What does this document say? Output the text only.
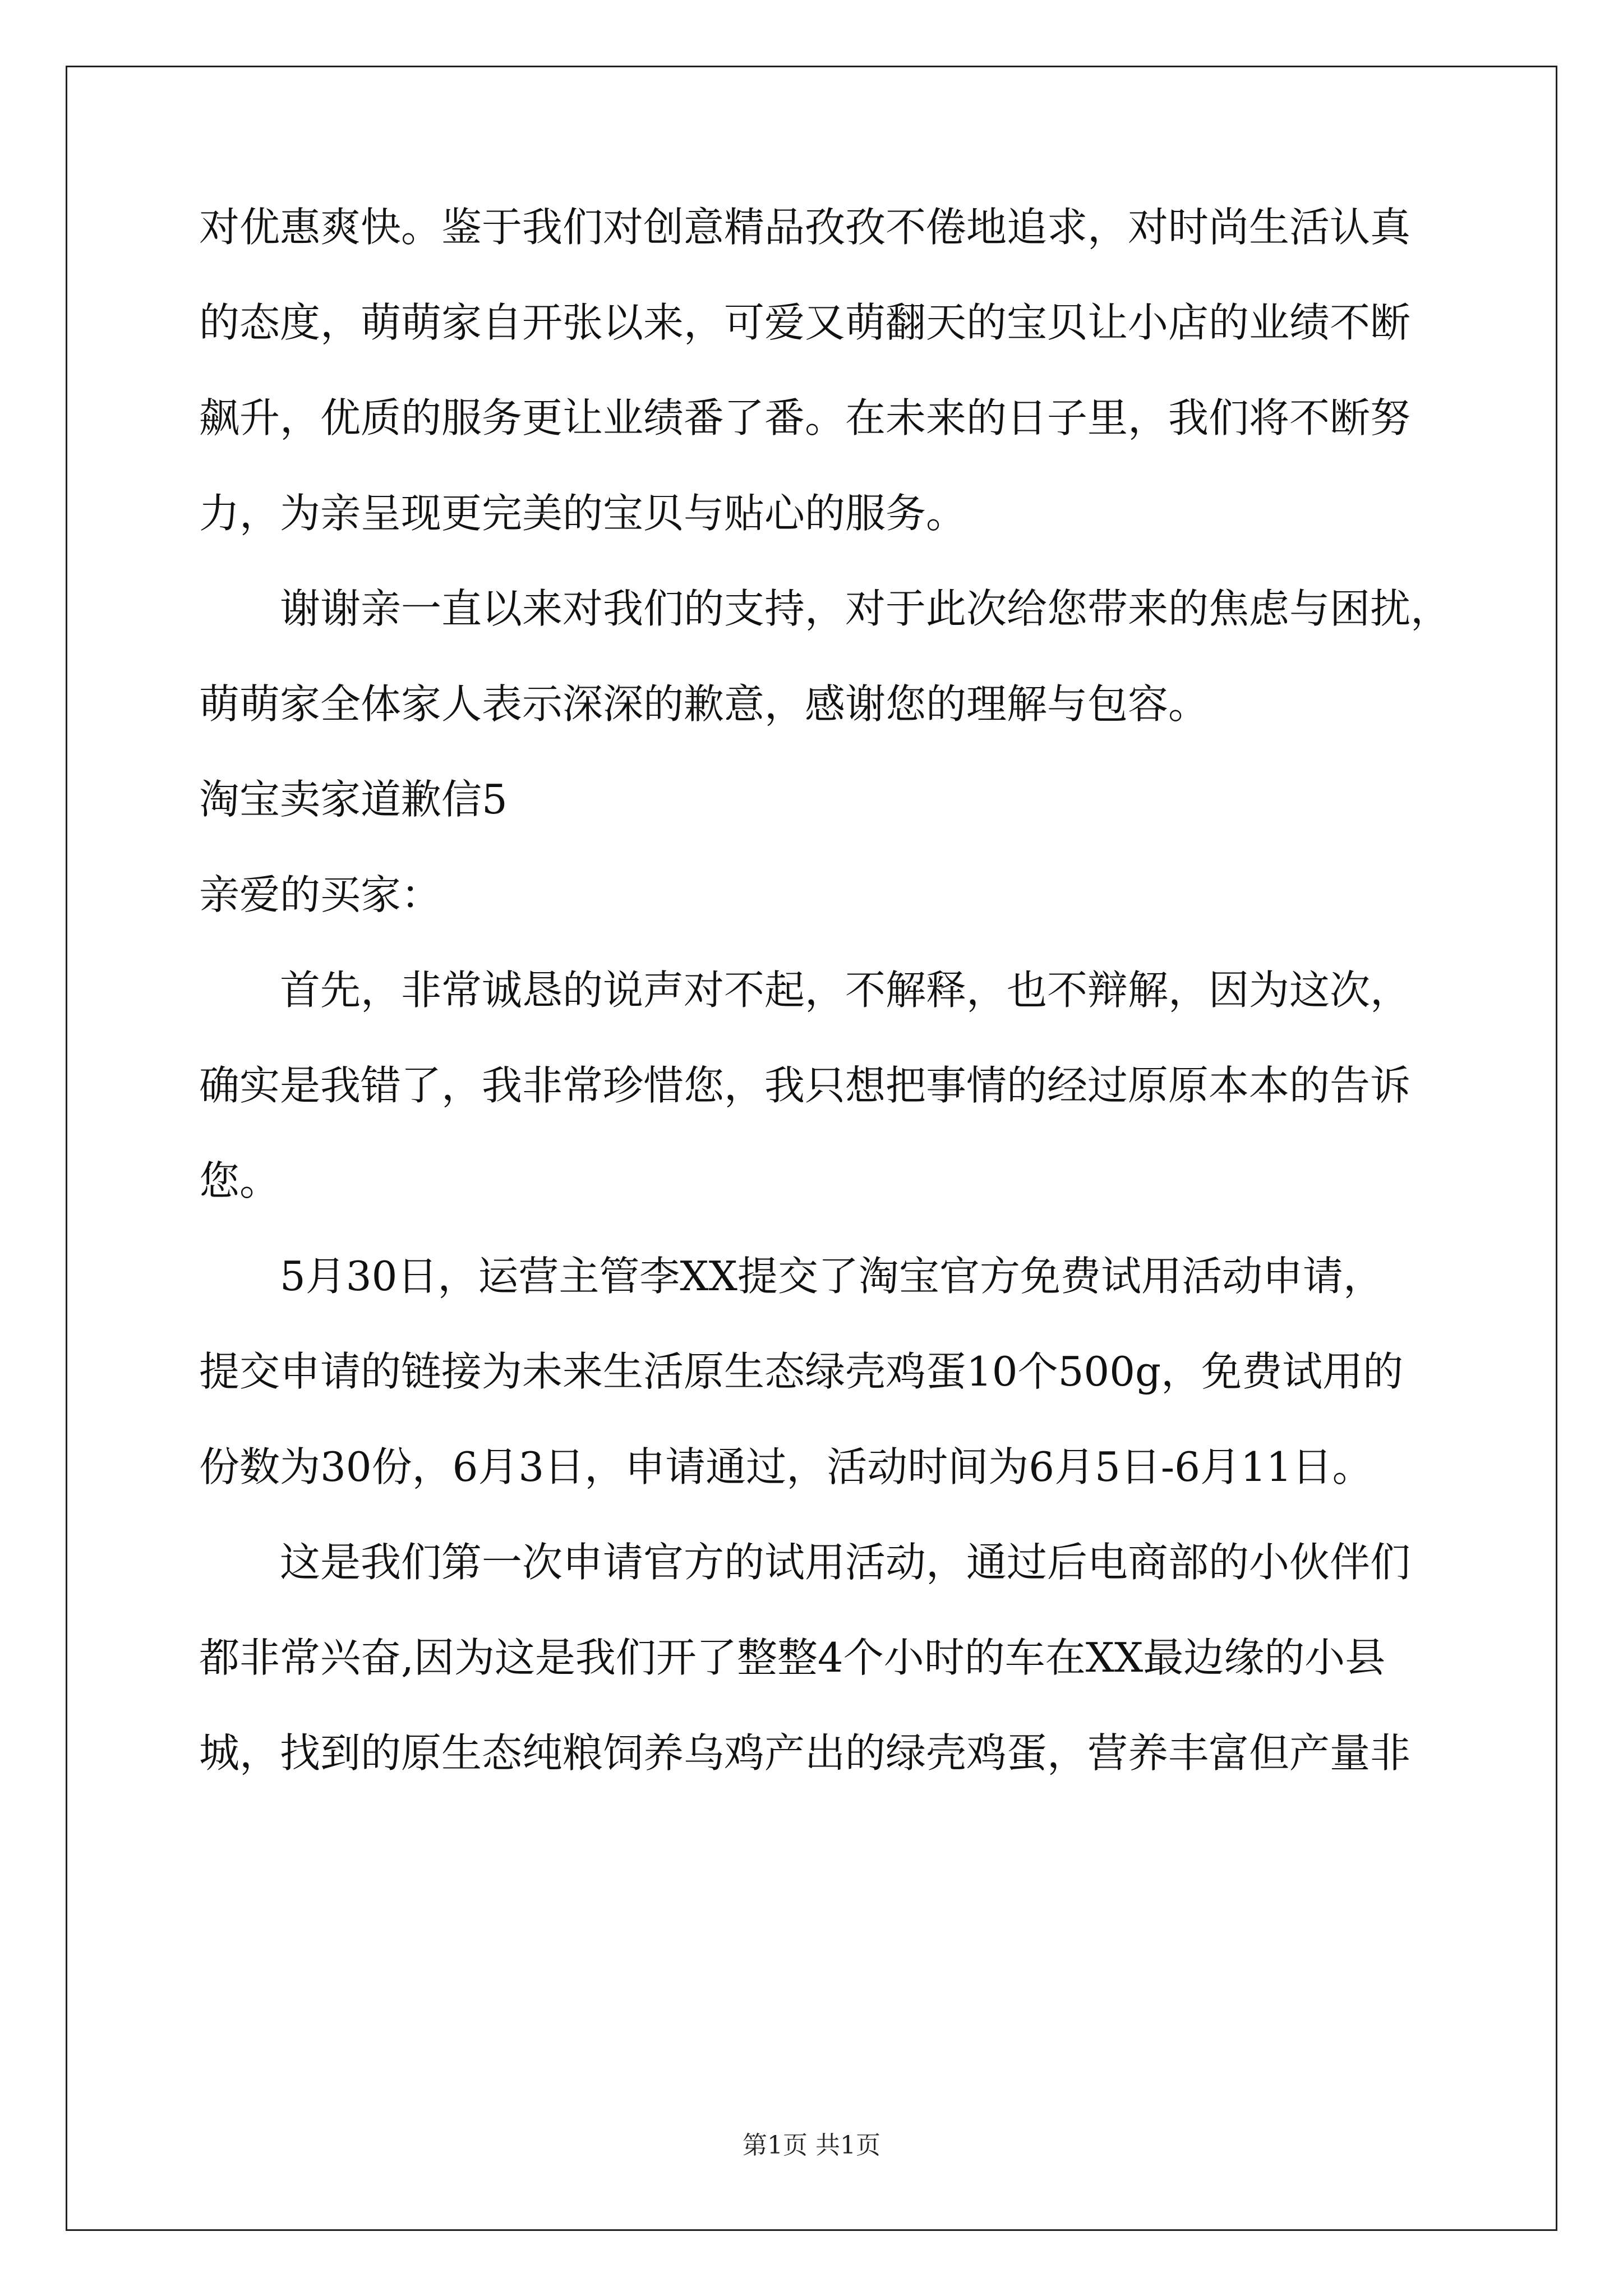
对优惠爽快。鉴于我们对创意精品孜孜不倦地追求，对时尚生活认真
的态度，萌萌家自开张以来，可爱又萌翻天的宝贝让小店的业绩不断
飙升，优质的服务更让业绩番了番。在未来的日子里，我们将不断努
力，为亲呈现更完美的宝贝与贴心的服务。
谢谢亲一直以来对我们的支持，对于此次给您带来的焦虑与困扰，
萌萌家全体家人表示深深的歉意，感谢您的理解与包容。
淘宝卖家道歉信5
亲爱的买家：
首先，非常诚恳的说声对不起，不解释，也不辩解，因为这次，
确实是我错了，我非常珍惜您，我只想把事情的经过原原本本的告诉
您。
5月30日，运营主管李XX提交了淘宝官方免费试用活动申请，
提交申请的链接为未来生活原生态绿壳鸡蛋10个500g，免费试用的
份数为30份，6月3日，申请通过，活动时间为6月5日-6月11日。
这是我们第一次申请官方的试用活动，通过后电商部的小伙伴们
都非常兴奋,因为这是我们开了整整4个小时的车在XX最边缘的小县
城，找到的原生态纯粮饲养乌鸡产出的绿壳鸡蛋，营养丰富但产量非
第1页 共1页
